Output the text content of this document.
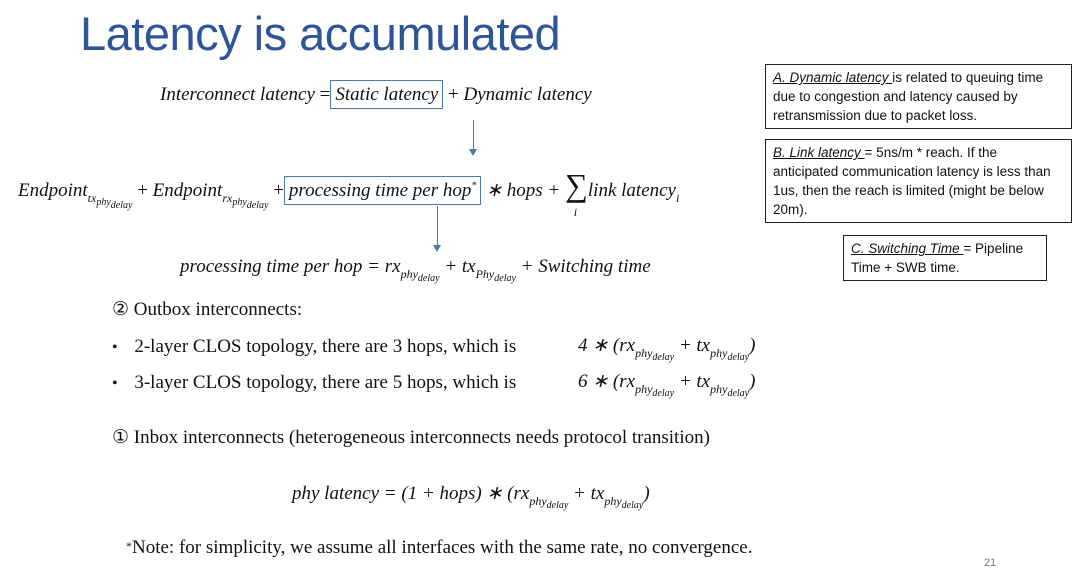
Latency is accumulated
Interconnect latency = Static latency + Dynamic latency
Endpoint$_{tx_{phy_{delay}}}$ + Endpoint$_{rx_{phy_{delay}}}$ + processing time per hop* ∗ hops + $\sum_i$ link latency$_i$
processing time per hop = $rx_{phy_{delay}} + tx_{Phy_{delay}}$ + Switching time
② Outbox interconnects:
• 2-layer CLOS topology, there are 3 hops, which is	4 ∗ $(rx_{phy_{delay}} + tx_{phy_{delay}})$
• 3-layer CLOS topology, there are 5 hops, which is	6 ∗ $(rx_{phy_{delay}} + tx_{phy_{delay}})$
① Inbox interconnects (heterogeneous interconnects needs protocol transition)
phy latency = (1 + hops) ∗ $(rx_{phy_{delay}} + tx_{phy_{delay}})$
*Note: for simplicity, we assume all interfaces with the same rate, no convergence.
A. Dynamic latency is related to queuing time due to congestion and latency caused by retransmission due to packet loss.
B. Link latency = 5ns/m * reach. If the anticipated communication latency is less than 1us, then the reach is limited (might be below 20m).
C. Switching Time = Pipeline Time + SWB time.
21
